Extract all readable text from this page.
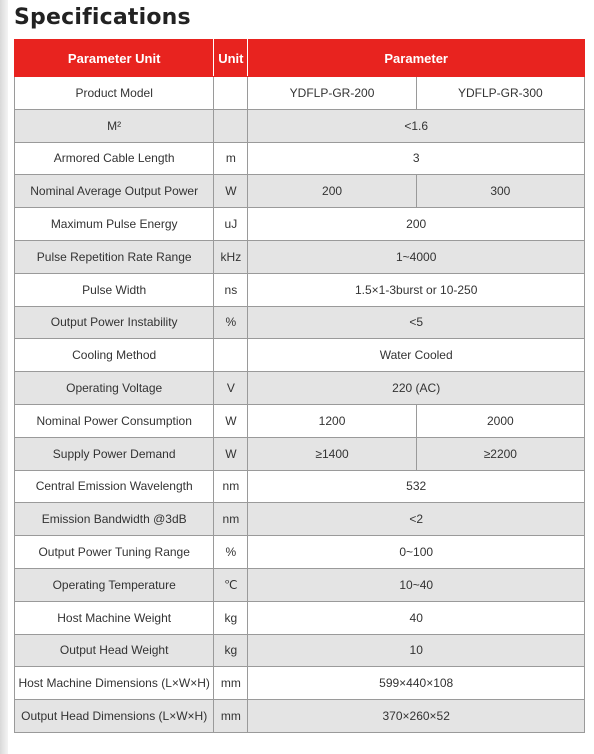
Specifications
Parameter Unit	Unit	Parameter	
Product Model		YDFLP-GR-200	YDFLP-GR-300
M²		<1.6	
Armored Cable Length	m	3	
Nominal Average Output Power	W	200	300
Maximum Pulse Energy	uJ	200	
Pulse Repetition Rate Range	kHz	1~4000	
Pulse Width	ns	1.5×1-3burst or 10-250	
Output Power Instability	%	<5	
Cooling Method		Water Cooled	
Operating Voltage	V	220 (AC)	
Nominal Power Consumption	W	1200	2000
Supply Power Demand	W	≥1400	≥2200
Central Emission Wavelength	nm	532	
Emission Bandwidth @3dB	nm	<2	
Output Power Tuning Range	%	0~100	
Operating Temperature	℃	10~40	
Host Machine Weight	kg	40	
Output Head Weight	kg	10	
Host Machine Dimensions (L×W×H)	mm	599×440×108	
Output Head Dimensions (L×W×H)	mm	370×260×52	
